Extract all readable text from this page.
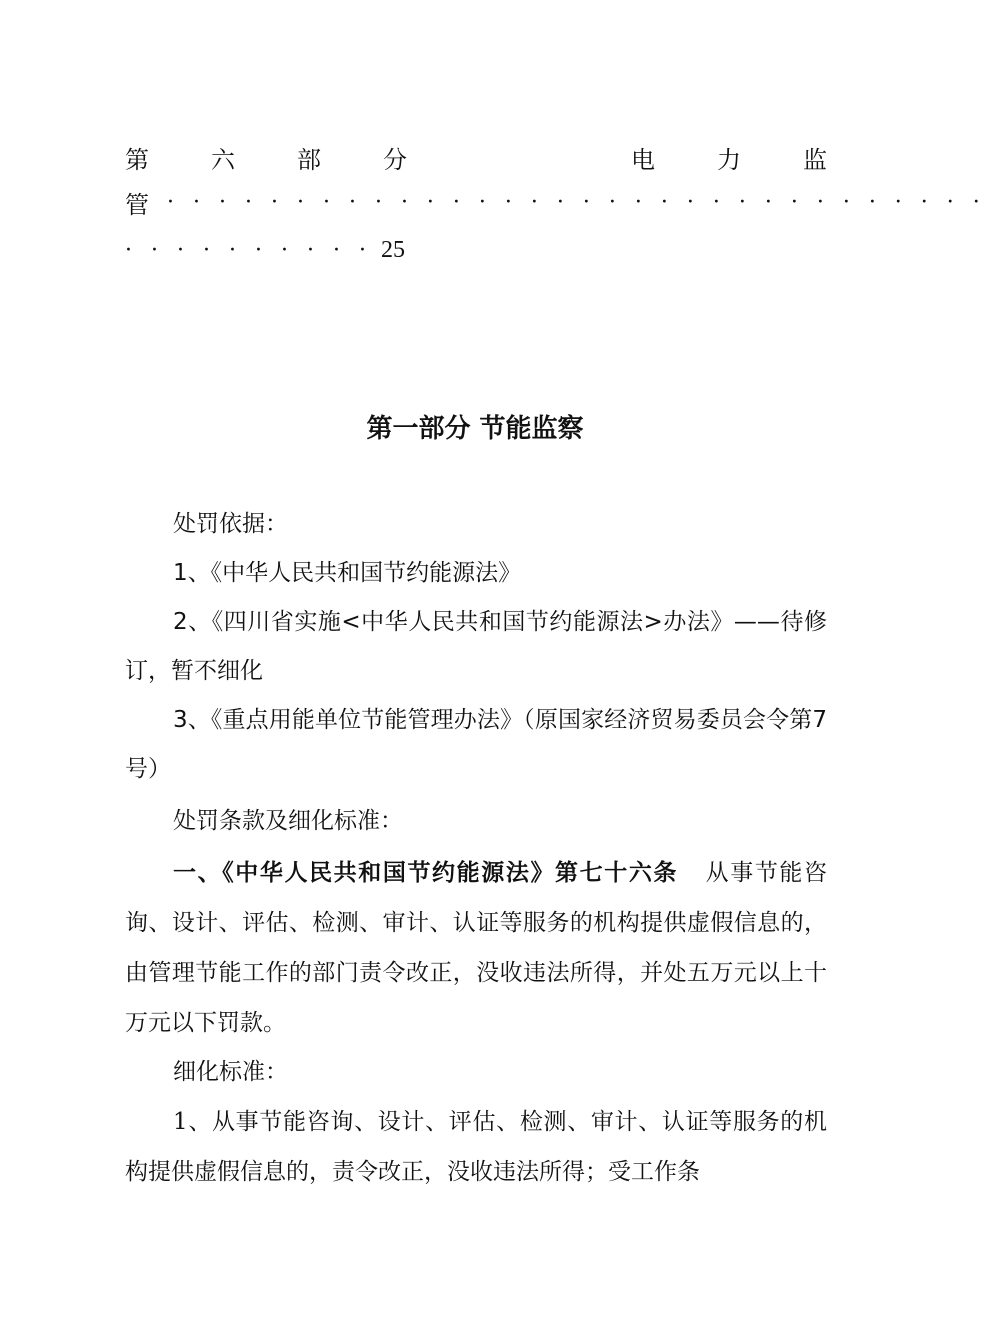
第	六	部	分	电	力	监
管 ································
··········
25
第一部分 节能监察
处罚依据：
1、《中华人民共和国节约能源法》
2、《四川省实施<中华人民共和国节约能源法>办法》——待修订，暂不细化
3、《重点用能单位节能管理办法》（原国家经济贸易委员会令第7号）
处罚条款及细化标准：
一、《中华人民共和国节约能源法》第七十六条 从事节能咨询、设计、评估、检测、审计、认证等服务的机构提供虚假信息的，由管理节能工作的部门责令改正，没收违法所得，并处五万元以上十万元以下罚款。
细化标准：
1、从事节能咨询、设计、评估、检测、审计、认证等服务的机构提供虚假信息的，责令改正，没收违法所得；受工作条
